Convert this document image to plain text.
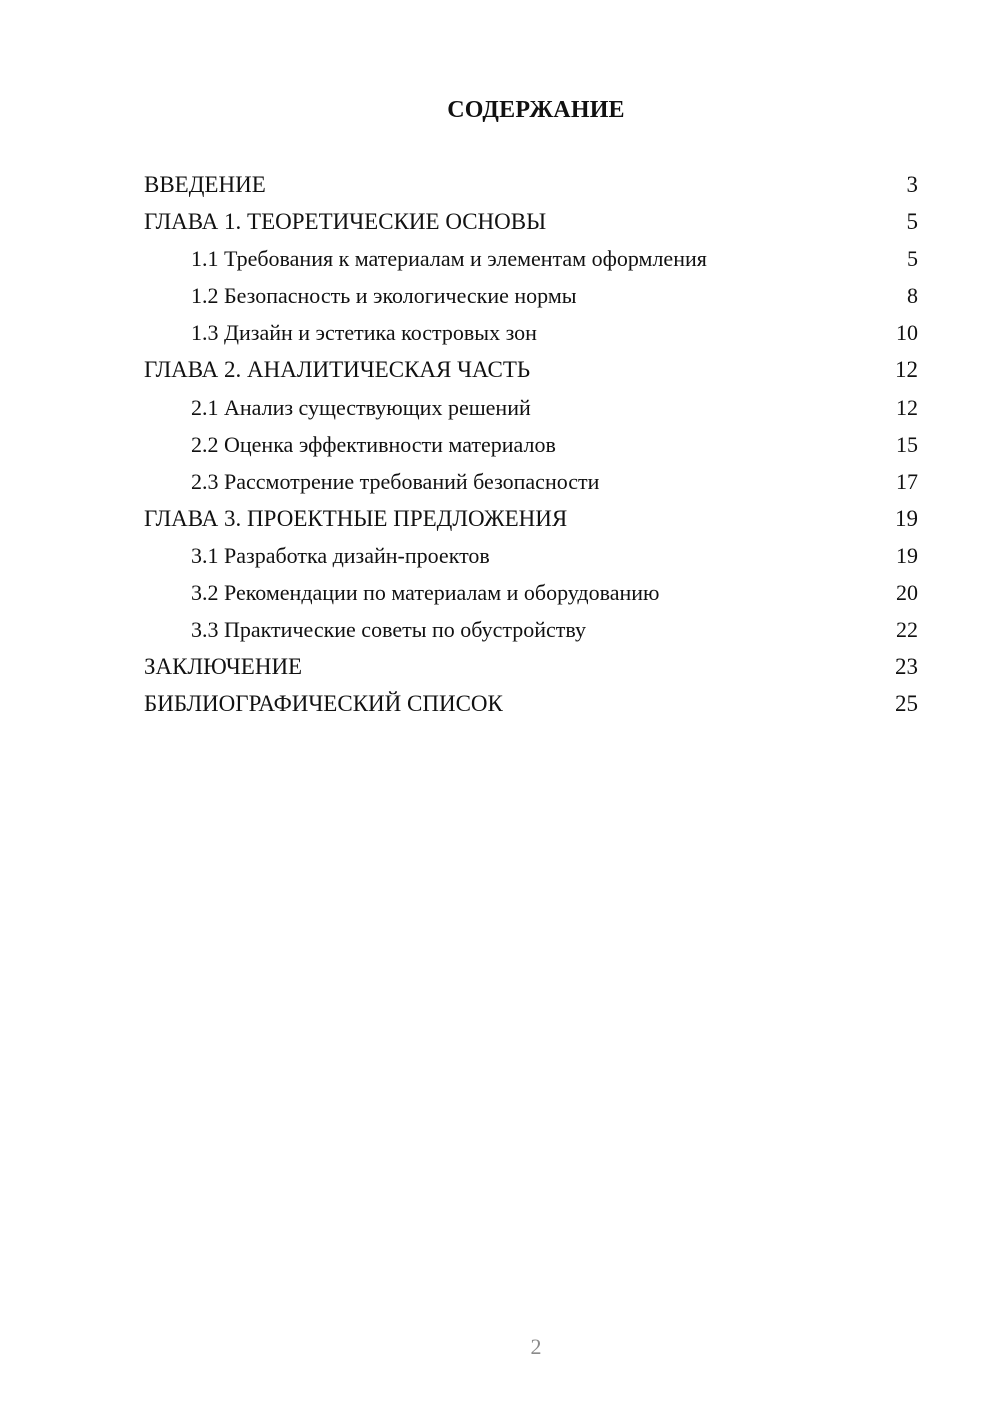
СОДЕРЖАНИЕ
ВВЕДЕНИЕ	3
ГЛАВА 1. ТЕОРЕТИЧЕСКИЕ ОСНОВЫ	5
1.1 Требования к материалам и элементам оформления	5
1.2 Безопасность и экологические нормы	8
1.3 Дизайн и эстетика костровых зон	10
ГЛАВА 2. АНАЛИТИЧЕСКАЯ ЧАСТЬ	12
2.1 Анализ существующих решений	12
2.2 Оценка эффективности материалов	15
2.3 Рассмотрение требований безопасности	17
ГЛАВА 3. ПРОЕКТНЫЕ ПРЕДЛОЖЕНИЯ	19
3.1 Разработка дизайн-проектов	19
3.2 Рекомендации по материалам и оборудованию	20
3.3 Практические советы по обустройству	22
ЗАКЛЮЧЕНИЕ	23
БИБЛИОГРАФИЧЕСКИЙ СПИСОК	25
2
